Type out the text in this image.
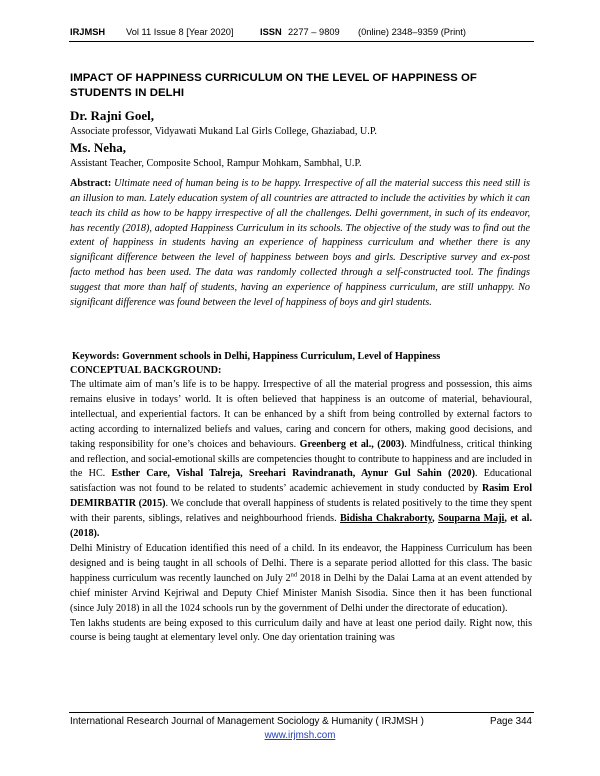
IRJMSH Vol 11 Issue 8 [Year 2020]	ISSN 2277 – 9809 (0nline) 2348–9359 (Print)
IMPACT OF HAPPINESS CURRICULUM ON THE LEVEL OF HAPPINESS OF STUDENTS IN DELHI
Dr. Rajni Goel,
Associate professor, Vidyawati Mukand Lal Girls College, Ghaziabad, U.P.
Ms. Neha,
Assistant Teacher, Composite School, Rampur Mohkam, Sambhal, U.P.
Abstract: Ultimate need of human being is to be happy. Irrespective of all the material success this need still is an illusion to man. Lately education system of all countries are attracted to include the activities by which it can teach its child as how to be happy irrespective of all the challenges. Delhi government, in such of its endeavor, has recently (2018), adopted Happiness Curriculum in its schools. The objective of the study was to find out the extent of happiness in students having an experience of happiness curriculum and whether there is any significant difference between the level of happiness between boys and girls. Descriptive survey and ex-post facto method has been used. The data was randomly collected through a self-constructed tool. The findings suggest that more than half of students, having an experience of happiness curriculum, are still unhappy. No significant difference was found between the level of happiness of boys and girl students.
Keywords: Government schools in Delhi, Happiness Curriculum, Level of Happiness
CONCEPTUAL BACKGROUND:

The ultimate aim of man’s life is to be happy. Irrespective of all the material progress and possession, this aims remains elusive in todays’ world. It is often believed that happiness is an outcome of material, behavioural, intellectual, and experiential factors. It can be enhanced by a shift from being controlled by external factors to acting according to internalized beliefs and values, caring and concern for others, making good decisions, and taking responsibility for one’s choices and behaviours. Greenberg et al., (2003). Mindfulness, critical thinking and reflection, and social-emotional skills are competencies thought to contribute to happiness and are included in the HC. Esther Care, Vishal Talreja, Sreehari Ravindranath, Aynur Gul Sahin (2020). Educational satisfaction was not found to be related to students’ academic achievement in study conducted by Rasim Erol DEMIRBATIR (2015). We conclude that overall happiness of students is related positively to the time they spent with their parents, siblings, relatives and neighbourhood friends. Bidisha Chakraborty, Souparna Maji, et al. (2018).

Delhi Ministry of Education identified this need of a child. In its endeavor, the Happiness Curriculum has been designed and is being taught in all schools of Delhi. There is a separate period allotted for this class. The basic happiness curriculum was recently launched on July 2nd 2018 in Delhi by the Dalai Lama at an event attended by chief minister Arvind Kejriwal and Deputy Chief Minister Manish Sisodia. Since then it has been functional (since July 2018) in all the 1024 schools run by the government of Delhi under the directorate of education).

Ten lakhs students are being exposed to this curriculum daily and have at least one period daily. Right now, this course is being taught at elementary level only. One day orientation training was

International Research Journal of Management Sociology & Humanity ( IRJMSH )	Page 344
www.irjmsh.com
